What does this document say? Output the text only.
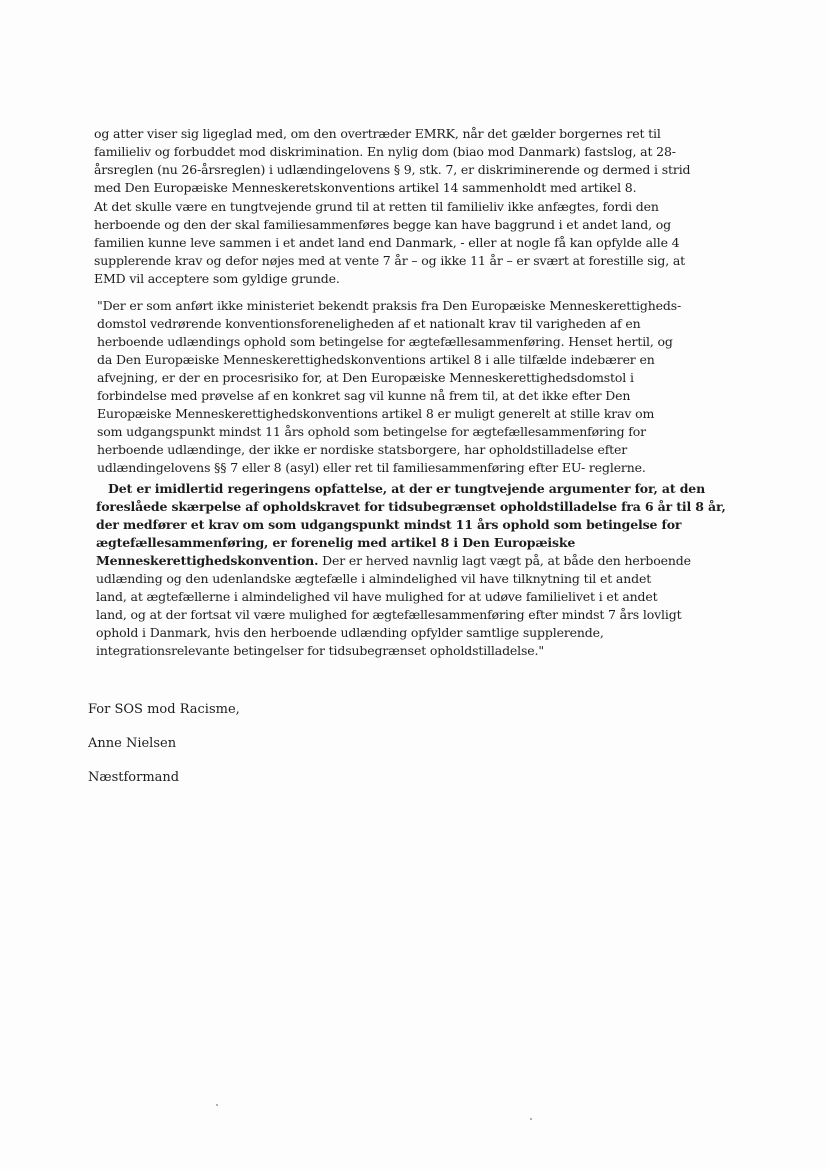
og atter viser sig ligeglad med, om den overtræder EMRK, når det gælder borgernes ret til
familieliv og forbuddet mod diskrimination. En nylig dom (biao mod Danmark) fastslog, at 28-
årsreglen (nu 26-årsreglen) i udlændingelovens § 9, stk. 7, er diskriminerende og dermed i strid
med Den Europæiske Menneskeretskonventions artikel 14 sammenholdt med artikel 8.
At det skulle være en tungtvejende grund til at retten til familieliv ikke anfægtes, fordi den
herboende og den der skal familiesammenføres begge kan have baggrund i et andet land, og
familien kunne leve sammen i et andet land end Danmark, - eller at nogle få kan opfylde alle 4
supplerende krav og defor nøjes med at vente 7 år – og ikke 11 år – er svært at forestille sig, at
EMD vil acceptere som gyldige grunde.
"Der er som anført ikke ministeriet bekendt praksis fra Den Europæiske Menneskerettigheds-
domstol vedrørende konventionsforeneligheden af et nationalt krav til varigheden af en
herboende udlændings ophold som betingelse for ægtefællesammenføring. Henset hertil, og
da Den Europæiske Menneskerettighedskonventions artikel 8 i alle tilfælde indebærer en
afvejning, er der en procesrisiko for, at Den Europæiske Menneskerettighedsdomstol i
forbindelse med prøvelse af en konkret sag vil kunne nå frem til, at det ikke efter Den
Europæiske Menneskerettighedskonventions artikel 8 er muligt generelt at stille krav om
som udgangspunkt mindst 11 års ophold som betingelse for ægtefællesammenføring for
herboende udlændinge, der ikke er nordiske statsborgere, har opholdstilladelse efter
udlændingelovens §§ 7 eller 8 (asyl) eller ret til familiesammenføring efter EU- reglerne.
Det er imidlertid regeringens opfattelse, at der er tungtvejende argumenter for, at den
foreslåede skærpelse af opholdskravet for tidsubegrænset opholdstilladelse fra 6 år til 8 år,
der medfører et krav om som udgangspunkt mindst 11 års ophold som betingelse for
ægtefællesammenføring, er forenelig med artikel 8 i Den Europæiske
Menneskerettighedskonvention. Der er herved navnlig lagt vægt på, at både den herboende
udlænding og den udenlandske ægtefælle i almindelighed vil have tilknytning til et andet
land, at ægtefællerne i almindelighed vil have mulighed for at udøve familielivet i et andet
land, og at der fortsat vil være mulighed for ægtefællesammenføring efter mindst 7 års lovligt
ophold i Danmark, hvis den herboende udlænding opfylder samtlige supplerende,
integrationsrelevante betingelser for tidsubegrænset opholdstilladelse."
For SOS mod Racisme,
Anne Nielsen
Næstformand
